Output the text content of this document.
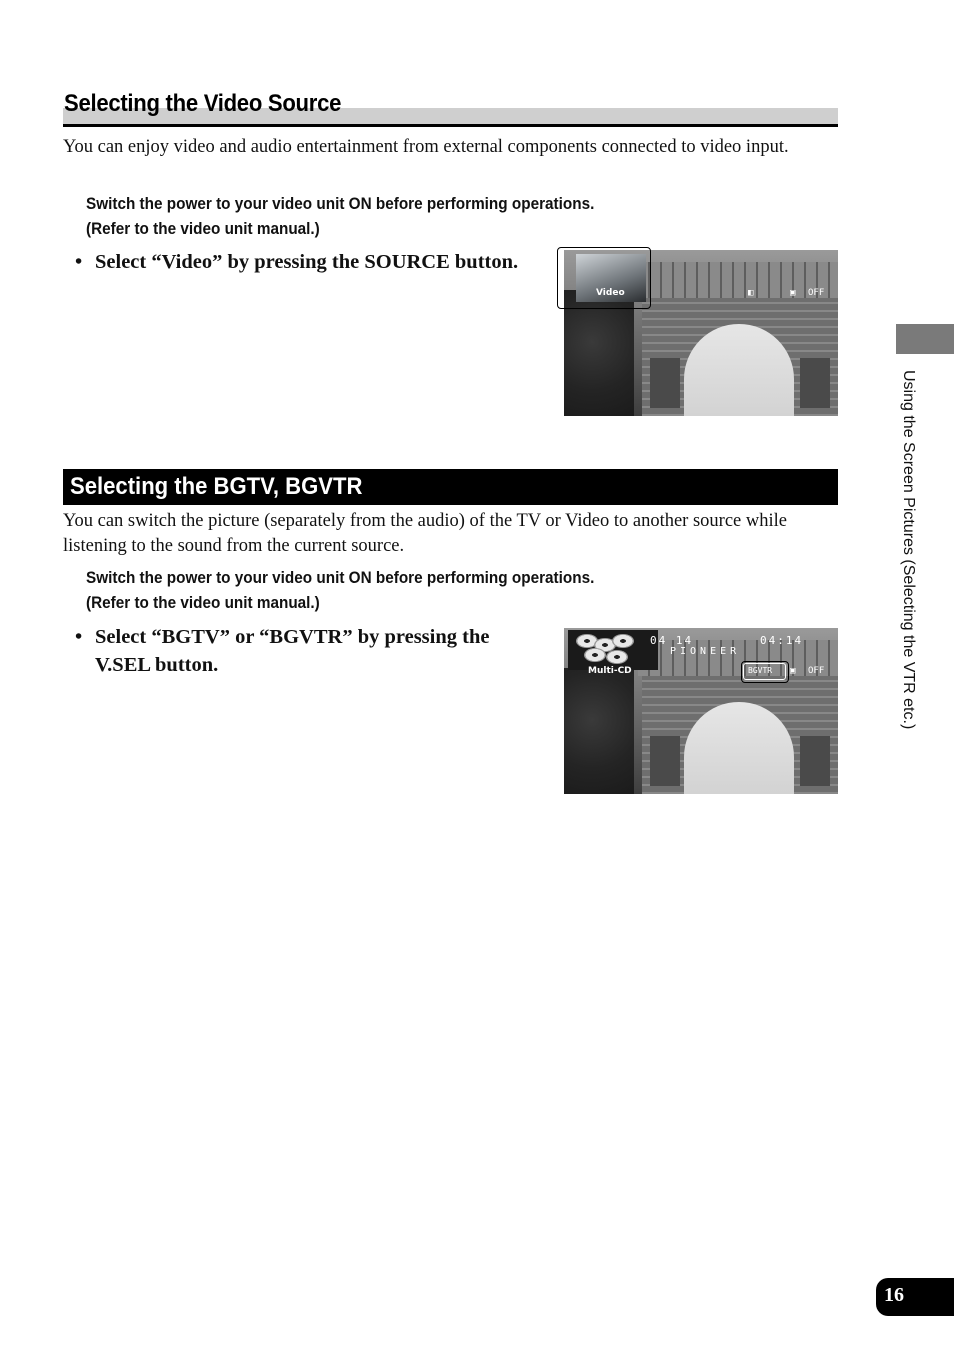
Selecting the Video Source
You can enjoy video and audio entertainment from external components connected to video input.
Switch the power to your video unit ON before performing operations.
(Refer to the video unit manual.)
• Select “Video” by pressing the SOURCE button.
Video	◧	▣ OFF
Selecting the BGTV, BGVTR
You can switch the picture (separately from the audio) of the TV or Video to another source while listening to the sound from the current source.
Switch the power to your video unit ON before performing operations.
(Refer to the video unit manual.)
• Select “BGTV” or “BGVTR” by pressing the V.SEL button.
04 14	04:14
PIONEER
Multi-CD	BGVTR ▣ OFF	Using the Screen Pictures (Selecting the VTR etc.)
16
